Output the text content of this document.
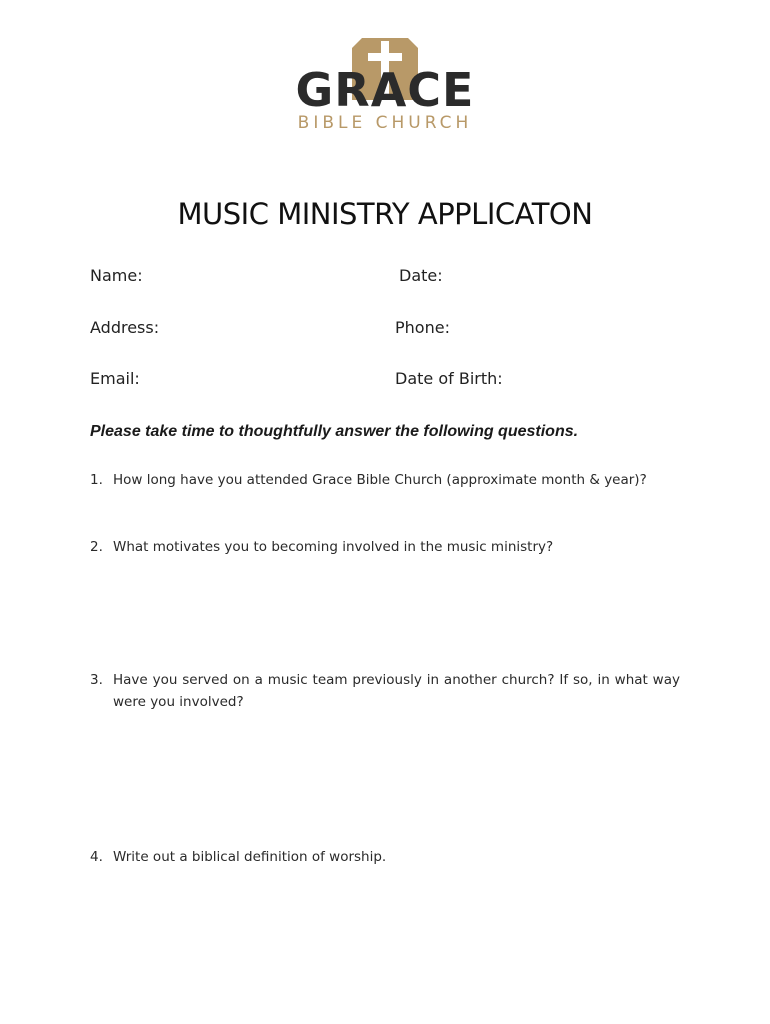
GRACE
BIBLE CHURCH
MUSIC MINISTRY APPLICATON
Name:	Date:
Address:	Phone:
Email:	Date of Birth:
Please take time to thoughtfully answer the following questions.
1. How long have you attended Grace Bible Church (approximate month & year)?
2. What motivates you to becoming involved in the music ministry?
3. Have you served on a music team previously in another church? If so, in what way were you involved?
4. Write out a biblical definition of worship.
